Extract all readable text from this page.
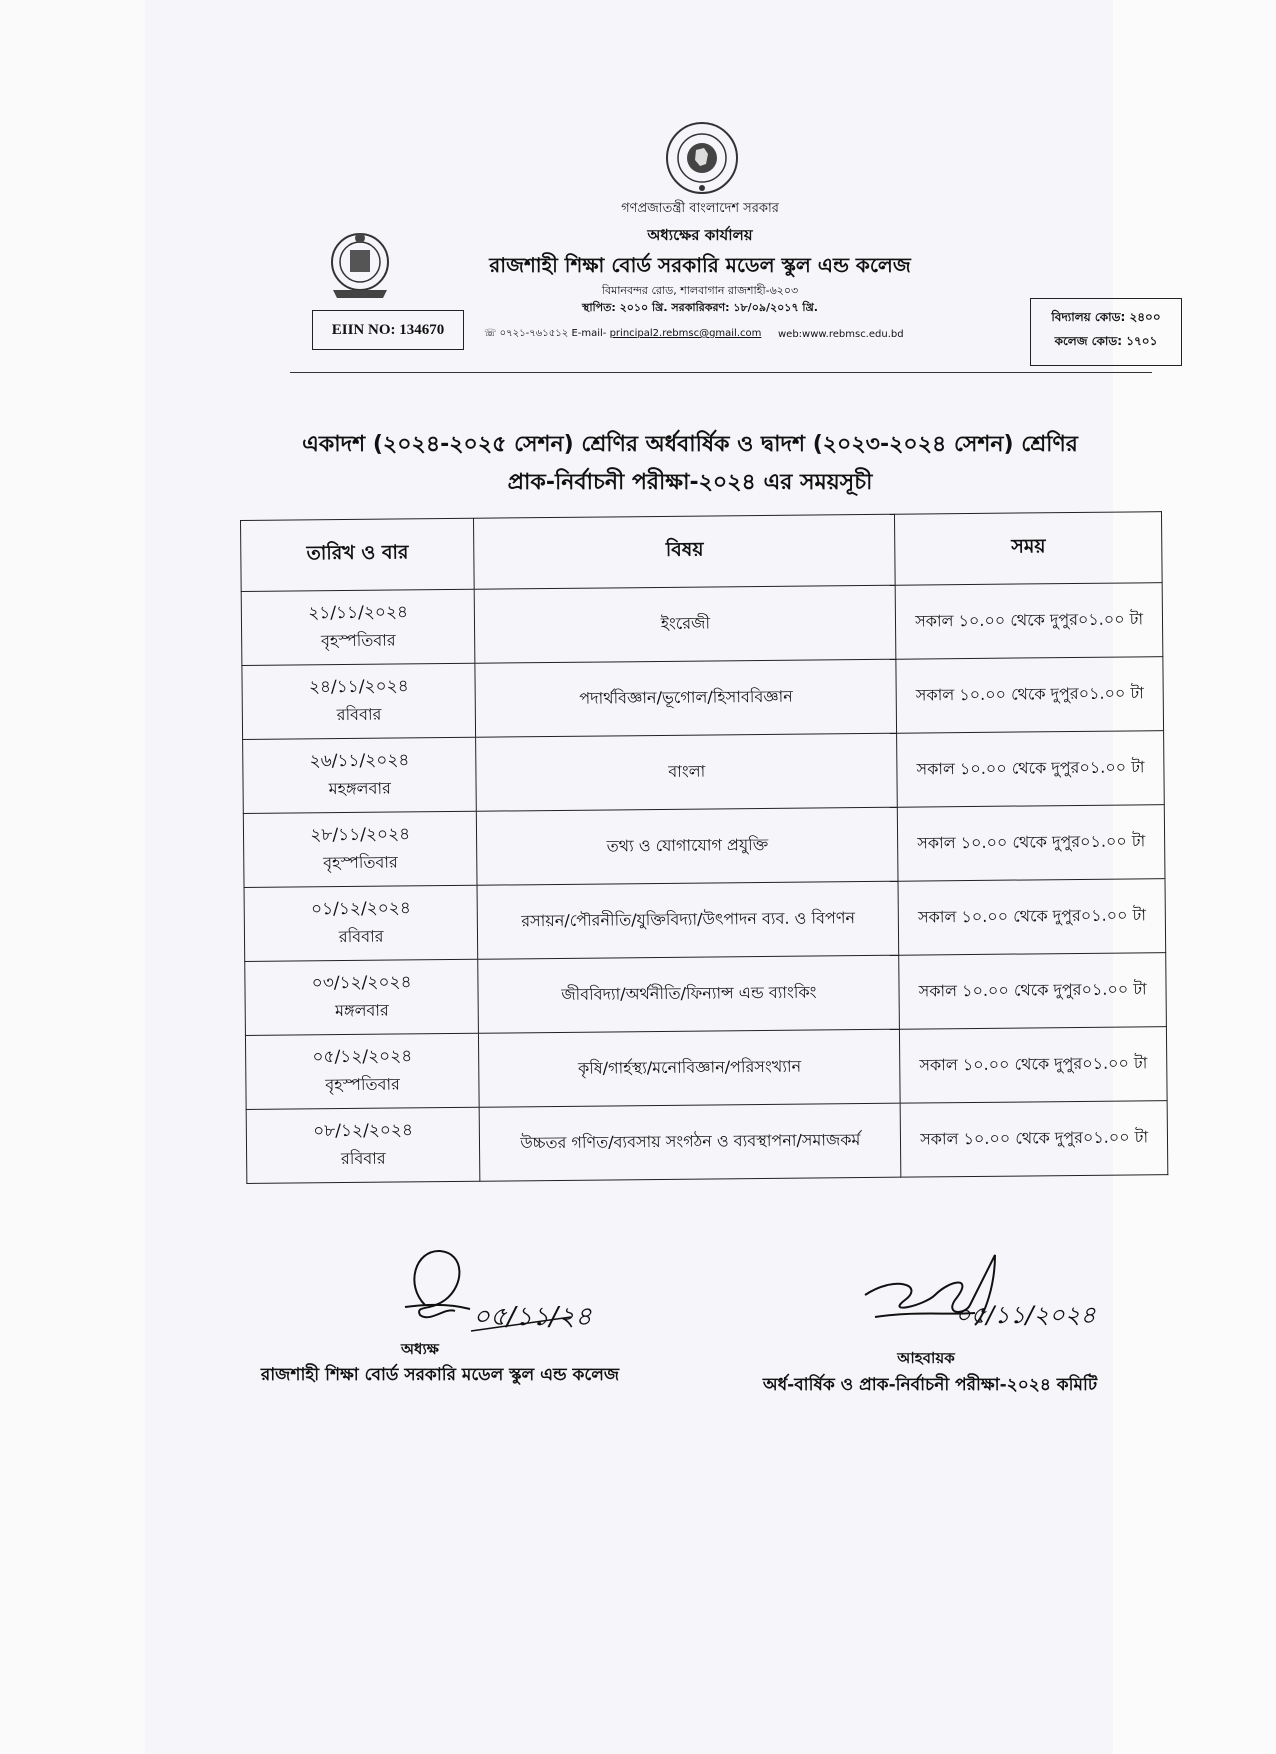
গণপ্রজাতন্ত্রী বাংলাদেশ সরকার
অধ্যক্ষের কার্যালয়
রাজশাহী শিক্ষা বোর্ড সরকারি মডেল স্কুল এন্ড কলেজ
বিমানবন্দর রোড, শালবাগান রাজশাহী-৬২০৩
স্থাপিত: ২০১০ খ্রি. সরকারিকরণ: ১৮/০৯/২০১৭ খ্রি.
☏ ০৭২১-৭৬১৫১২ E-mail- principal2.rebmsc@gmail.com web:www.rebmsc.edu.bd
EIIN NO: 134670
বিদ্যালয় কোড: ২৪০০
কলেজ কোড: ১৭০১
একাদশ (২০২৪-২০২৫ সেশন) শ্রেণির অর্ধবার্ষিক ও দ্বাদশ (২০২৩-২০২৪ সেশন) শ্রেণির
প্রাক-নির্বাচনী পরীক্ষা-২০২৪ এর সময়সূচী
তারিখ ও বার	বিষয়	সময়

২১/১১/২০২৪
বৃহস্পতিবার	ইংরেজী	সকাল ১০.০০ থেকে দুপুর০১.০০ টা

২৪/১১/২০২৪
রবিবার	পদার্থবিজ্ঞান/ভূগোল/হিসাববিজ্ঞান	সকাল ১০.০০ থেকে দুপুর০১.০০ টা

২৬/১১/২০২৪
মহঙ্গলবার	বাংলা	সকাল ১০.০০ থেকে দুপুর০১.০০ টা

২৮/১১/২০২৪
বৃহস্পতিবার	তথ্য ও যোগাযোগ প্রযুক্তি	সকাল ১০.০০ থেকে দুপুর০১.০০ টা

০১/১২/২০২৪
রবিবার	রসায়ন/পৌরনীতি/যুক্তিবিদ্যা/উৎপাদন ব্যব. ও বিপণন	সকাল ১০.০০ থেকে দুপুর০১.০০ টা

০৩/১২/২০২৪
মঙ্গলবার	জীববিদ্যা/অর্থনীতি/ফিন্যান্স এন্ড ব্যাংকিং	সকাল ১০.০০ থেকে দুপুর০১.০০ টা

০৫/১২/২০২৪
বৃহস্পতিবার	কৃষি/গার্হস্থ্য/মনোবিজ্ঞান/পরিসংখ্যান	সকাল ১০.০০ থেকে দুপুর০১.০০ টা

০৮/১২/২০২৪
রবিবার	উচ্চতর গণিত/ব্যবসায় সংগঠন ও ব্যবস্থাপনা/সমাজকর্ম	সকাল ১০.০০ থেকে দুপুর০১.০০ টা
০৫/১১/২৪
অধ্যক্ষ
রাজশাহী শিক্ষা বোর্ড সরকারি মডেল স্কুল এন্ড কলেজ
০৫/১১/২০২৪
আহবায়ক
অর্ধ-বার্ষিক ও প্রাক-নির্বাচনী পরীক্ষা-২০২৪ কমিটি
